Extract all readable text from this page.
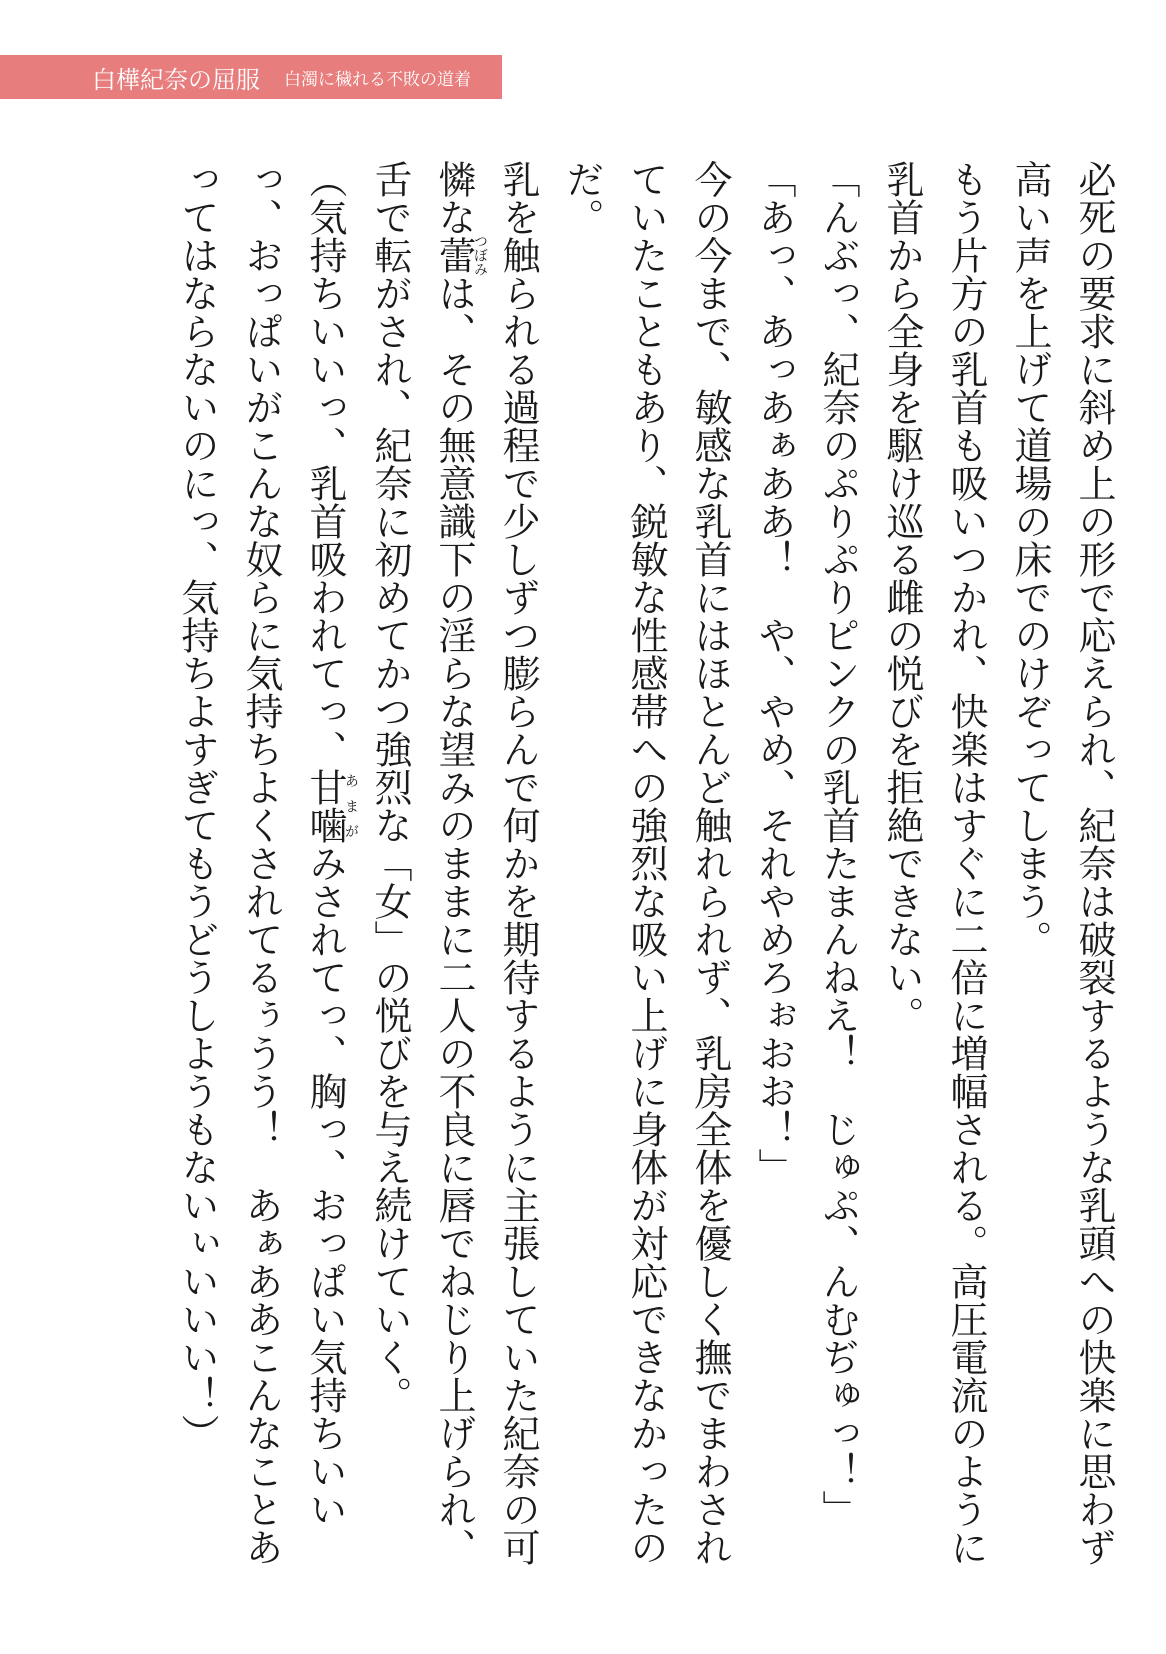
白樺紀奈の屈服 白濁に穢れる不敗の道着

必死の要求に斜め上の形で応えられ、紀奈は破裂するような乳頭への快楽に思わず高い声を上げて道場の床でのけぞってしまう。

もう片方の乳首も吸いつかれ、快楽はすぐに二倍に増幅される。高圧電流のように乳首から全身を駆け巡る雌の悦びを拒絶できない。

「んぶっ、紀奈のぷりぷりピンクの乳首たまんねえ！　じゅぷ、んむぢゅっ！」

「あっ、あっあぁああ！　や、やめ、それやめろぉおお！」

今の今まで、敏感な乳首にはほとんど触れられず、乳房全体を優しく撫でまわされていたこともあり、鋭敏な性感帯への強烈な吸い上げに身体が対応できなかったのだ。

乳を触られる過程で少しずつ膨らんで何かを期待するように主張していた紀奈の可憐な蕾つぼみは、その無意識下の淫らな望みのままに二人の不良に唇でねじり上げられ、舌で転がされ、紀奈に初めてかつ強烈な「女」の悦びを与え続けていく。

（気持ちいいっ、乳首吸われてっ、甘噛あまがみされてっ、胸っ、おっぱい気持ちいいっ、おっぱいがこんな奴らに気持ちよくされてるぅうう！　あぁああこんなことあってはならないのにっ、気持ちよすぎてもうどうしようもないぃいいい！）
